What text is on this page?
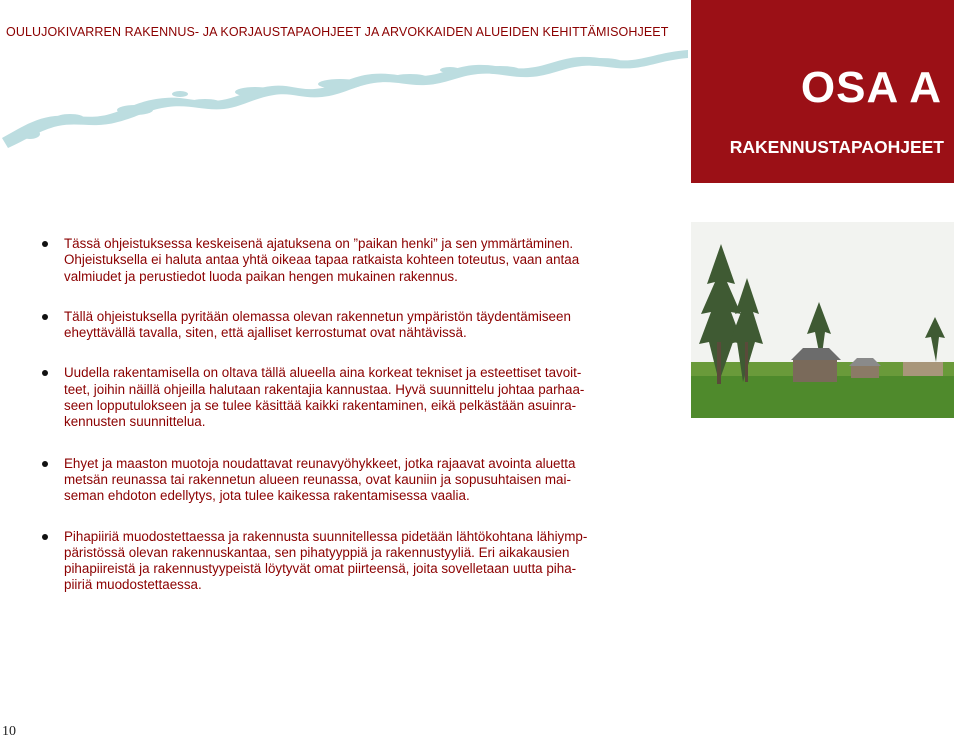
OULUJOKIVARREN RAKENNUS- JA KORJAUSTAPAOHJEET JA ARVOKKAIDEN ALUEIDEN KEHITTÄMISOHJEET
OSA A
RAKENNUSTAPAOHJEET
Tässä ohjeistuksessa keskeisenä ajatuksena on ”paikan henki” ja sen ymmärtäminen.
Ohjeistuksella ei haluta antaa yhtä oikeaa tapaa ratkaista kohteen toteutus, vaan antaa
valmiudet ja perustiedot luoda paikan hengen mukainen rakennus.
Tällä ohjeistuksella pyritään olemassa olevan rakennetun ympäristön täydentämiseen
eheyttävällä tavalla, siten, että ajalliset kerrostumat ovat nähtävissä.
Uudella rakentamisella on oltava tällä alueella aina korkeat tekniset ja esteettiset tavoit-
teet, joihin näillä ohjeilla halutaan rakentajia kannustaa. Hyvä suunnittelu johtaa parhaa-
seen lopputulokseen ja se tulee käsittää kaikki rakentaminen, eikä pelkästään asuinra-
kennusten suunnittelua.
Ehyet ja maaston muotoja noudattavat reunavyöhykkeet, jotka rajaavat avointa aluetta
metsän reunassa tai rakennetun alueen reunassa, ovat kauniin ja sopusuhtaisen mai-
seman ehdoton edellytys, jota tulee kaikessa rakentamisessa vaalia.
Pihapiiriä muodostettaessa ja rakennusta suunnitellessa pidetään lähtökohtana lähiymp-
päristössä olevan rakennuskantaa, sen pihatyyppiä ja rakennustyyliä. Eri aikakausien
pihapiireistä ja rakennustyypeistä löytyvät omat piirteensä, joita sovelletaan uutta piha-
piiriä muodostettaessa.
10
